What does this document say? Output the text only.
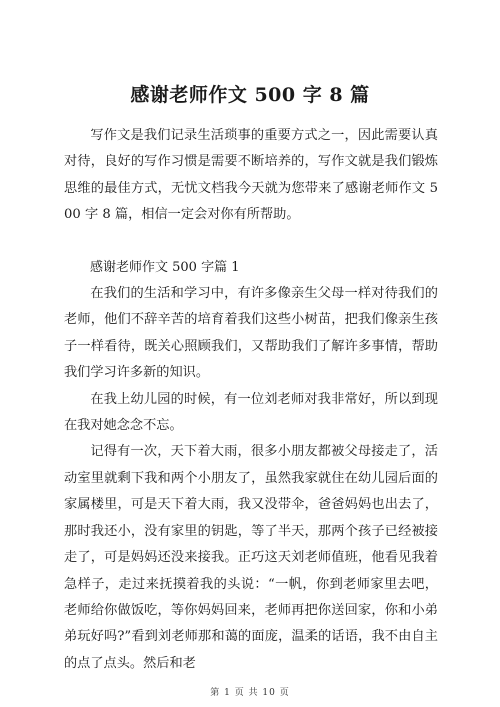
感谢老师作文 500 字 8 篇

写作文是我们记录生活琐事的重要方式之一，因此需要认真对待，良好的写作习惯是需要不断培养的，写作文就是我们锻炼思维的最佳方式，无忧文档我今天就为您带来了感谢老师作文 500 字 8 篇，相信一定会对你有所帮助。

感谢老师作文 500 字篇 1

在我们的生活和学习中，有许多像亲生父母一样对待我们的老师，他们不辞辛苦的培育着我们这些小树苗，把我们像亲生孩子一样看待，既关心照顾我们，又帮助我们了解许多事情，帮助我们学习许多新的知识。

在我上幼儿园的时候，有一位刘老师对我非常好，所以到现在我对她念念不忘。

记得有一次，天下着大雨，很多小朋友都被父母接走了，活动室里就剩下我和两个小朋友了，虽然我家就住在幼儿园后面的家属楼里，可是天下着大雨，我又没带伞，爸爸妈妈也出去了，那时我还小，没有家里的钥匙，等了半天，那两个孩子已经被接走了，可是妈妈还没来接我。正巧这天刘老师值班，他看见我着急样子，走过来抚摸着我的头说：“一帆，你到老师家里去吧，老师给你做饭吃，等你妈妈回来，老师再把你送回家，你和小弟弟玩好吗?”看到刘老师那和蔼的面庞，温柔的话语，我不由自主的点了点头。然后和老

第 1 页 共 10 页
